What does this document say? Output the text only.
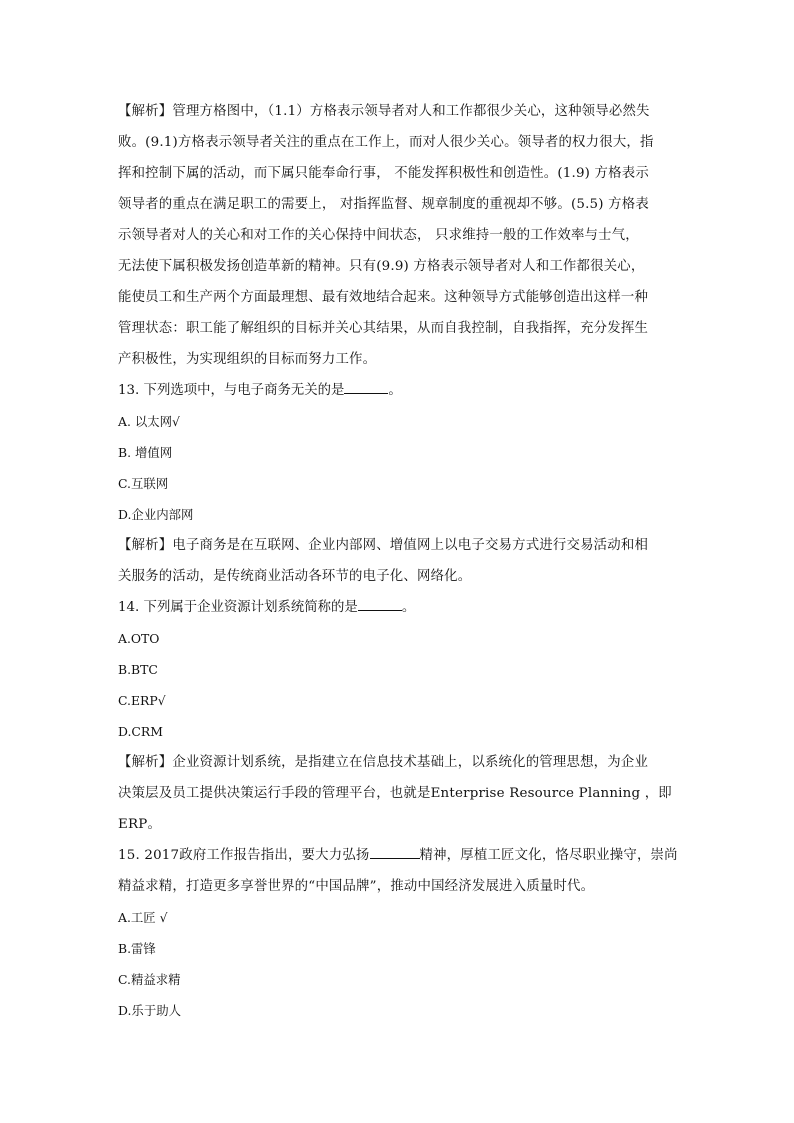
【解析】管理方格图中，（1.1）方格表示领导者对人和工作都很少关心，这种领导必然失
败。(9.1)方格表示领导者关注的重点在工作上，而对人很少关心。领导者的权力很大，指
挥和控制下属的活动，而下属只能奉命行事， 不能发挥积极性和创造性。(1.9) 方格表示
领导者的重点在满足职工的需要上， 对指挥监督、规章制度的重视却不够。(5.5) 方格表
示领导者对人的关心和对工作的关心保持中间状态， 只求维持一般的工作效率与士气，
无法使下属积极发扬创造革新的精神。只有(9.9) 方格表示领导者对人和工作都很关心，
能使员工和生产两个方面最理想、最有效地结合起来。这种领导方式能够创造出这样一种
管理状态：职工能了解组织的目标并关心其结果，从而自我控制，自我指挥，充分发挥生
产积极性，为实现组织的目标而努力工作。

13. 下列选项中，与电子商务无关的是	。

A. 以太网√

B. 增值网

C.互联网

D.企业内部网

【解析】电子商务是在互联网、企业内部网、增值网上以电子交易方式进行交易活动和相
关服务的活动，是传统商业活动各环节的电子化、网络化。

14. 下列属于企业资源计划系统简称的是	。

A.OTO

B.BTC

C.ERP√

D.CRM

【解析】企业资源计划系统，是指建立在信息技术基础上，以系统化的管理思想，为企业
决策层及员工提供决策运行手段的管理平台，也就是Enterprise Resource Planning ，即
ERP。

15. 2017政府工作报告指出，要大力弘扬	精神，厚植工匠文化，恪尽职业操守，崇尚
精益求精，打造更多享誉世界的“中国品牌”，推动中国经济发展进入质量时代。

A.工匠 √

B.雷锋

C.精益求精

D.乐于助人
